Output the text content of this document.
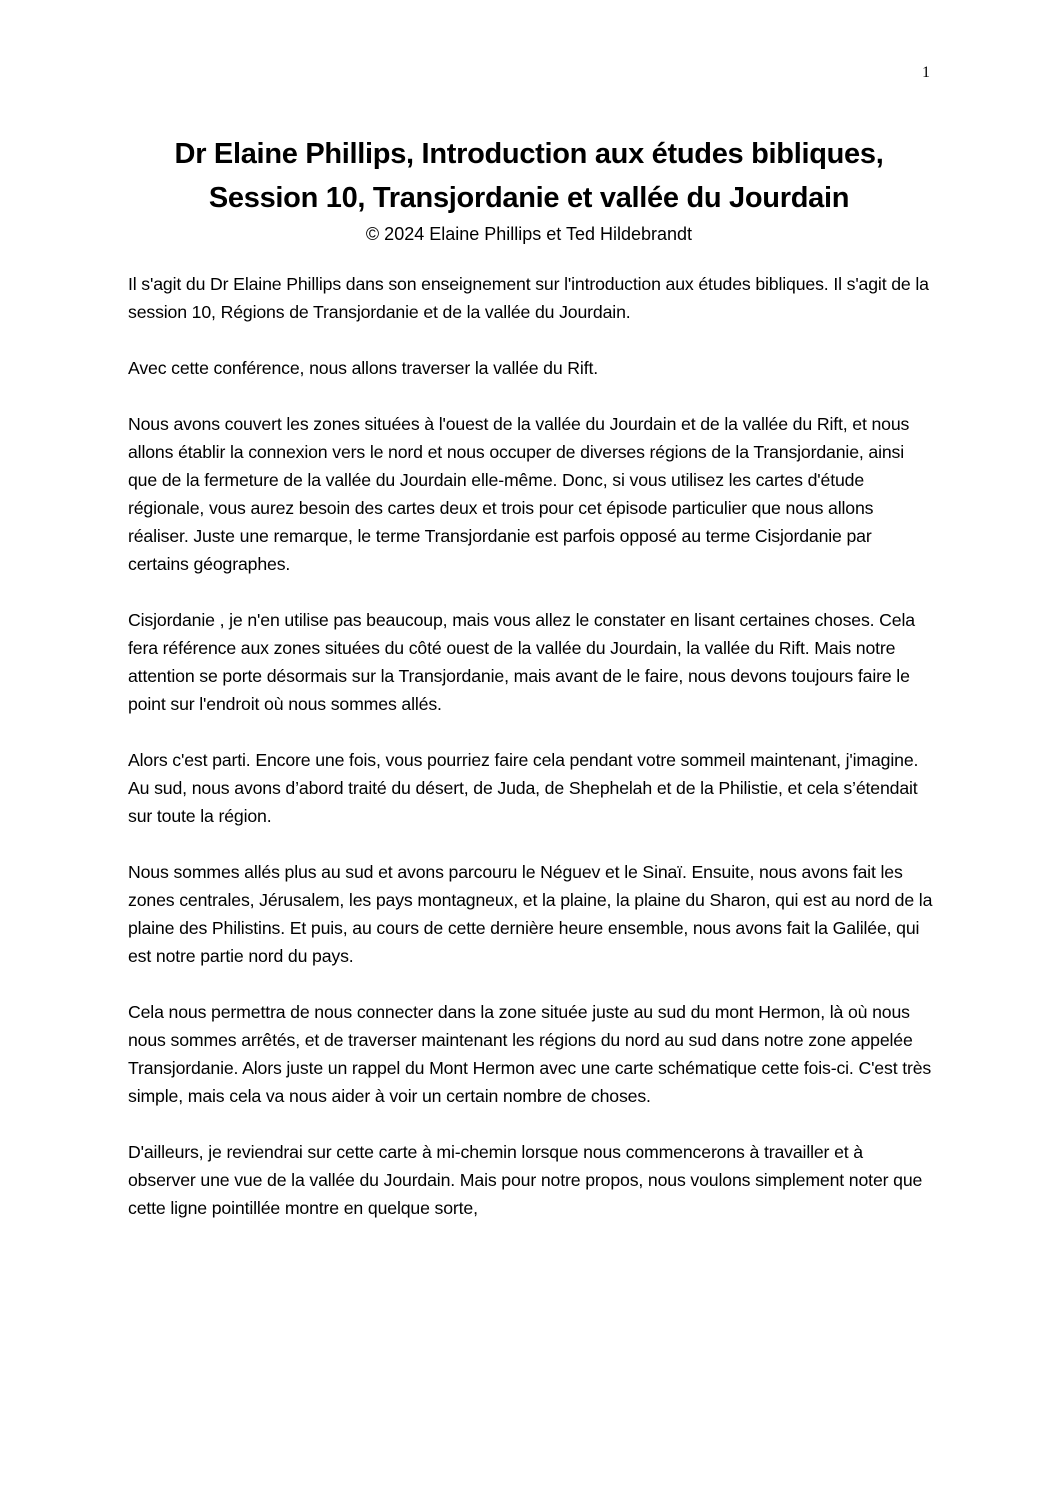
1

Dr Elaine Phillips, Introduction aux études bibliques,

Session 10, Transjordanie et vallée du Jourdain

© 2024 Elaine Phillips et Ted Hildebrandt

Il s'agit du Dr Elaine Phillips dans son enseignement sur l'introduction aux études bibliques. Il s'agit de la session 10, Régions de Transjordanie et de la vallée du Jourdain.

Avec cette conférence, nous allons traverser la vallée du Rift.

Nous avons couvert les zones situées à l'ouest de la vallée du Jourdain et de la vallée du Rift, et nous allons établir la connexion vers le nord et nous occuper de diverses régions de la Transjordanie, ainsi que de la fermeture de la vallée du Jourdain elle-même. Donc, si vous utilisez les cartes d'étude régionale, vous aurez besoin des cartes deux et trois pour cet épisode particulier que nous allons réaliser. Juste une remarque, le terme Transjordanie est parfois opposé au terme Cisjordanie par certains géographes.

Cisjordanie , je n'en utilise pas beaucoup, mais vous allez le constater en lisant certaines choses. Cela fera référence aux zones situées du côté ouest de la vallée du Jourdain, la vallée du Rift. Mais notre attention se porte désormais sur la Transjordanie, mais avant de le faire, nous devons toujours faire le point sur l'endroit où nous sommes allés.

Alors c'est parti. Encore une fois, vous pourriez faire cela pendant votre sommeil maintenant, j'imagine. Au sud, nous avons d’abord traité du désert, de Juda, de Shephelah et de la Philistie, et cela s’étendait sur toute la région.

Nous sommes allés plus au sud et avons parcouru le Néguev et le Sinaï. Ensuite, nous avons fait les zones centrales, Jérusalem, les pays montagneux, et la plaine, la plaine du Sharon, qui est au nord de la plaine des Philistins. Et puis, au cours de cette dernière heure ensemble, nous avons fait la Galilée, qui est notre partie nord du pays.

Cela nous permettra de nous connecter dans la zone située juste au sud du mont Hermon, là où nous nous sommes arrêtés, et de traverser maintenant les régions du nord au sud dans notre zone appelée Transjordanie. Alors juste un rappel du Mont Hermon avec une carte schématique cette fois-ci. C'est très simple, mais cela va nous aider à voir un certain nombre de choses.

D'ailleurs, je reviendrai sur cette carte à mi-chemin lorsque nous commencerons à travailler et à observer une vue de la vallée du Jourdain. Mais pour notre propos, nous voulons simplement noter que cette ligne pointillée montre en quelque sorte,
